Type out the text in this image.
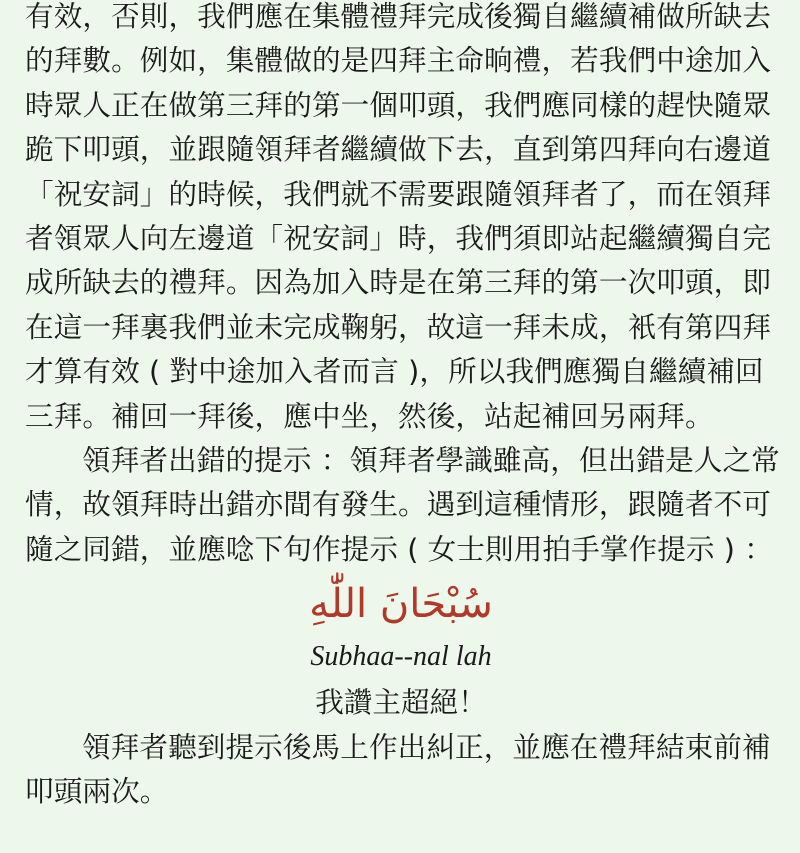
有效，否則，我們應在集體禮拜完成後獨自繼續補做所缺去
的拜數。例如，集體做的是四拜主命晌禮，若我們中途加入
時眾人正在做第三拜的第一個叩頭，我們應同樣的趕快隨眾
跪下叩頭，並跟隨領拜者繼續做下去，直到第四拜向右邊道
「祝安詞」的時候，我們就不需要跟隨領拜者了，而在領拜
者領眾人向左邊道「祝安詞」時，我們須即站起繼續獨自完
成所缺去的禮拜。因為加入時是在第三拜的第一次叩頭，即
在這一拜裏我們並未完成鞠躬，故這一拜未成，衹有第四拜
才算有效 ( 對中途加入者而言 )，所以我們應獨自繼續補回
三拜。補回一拜後，應中坐，然後，站起補回另兩拜。
領拜者出錯的提示 ：領拜者學識雖高，但出錯是人之常
情，故領拜時出錯亦間有發生。遇到這種情形，跟隨者不可
隨之同錯，並應唸下句作提示 ( 女士則用拍手掌作提示 ) ：
سُبْحَانَ اللّٰهِ
Subhaa--nal lah
我讚主超絕！
領拜者聽到提示後馬上作出糾正，並應在禮拜結束前補
叩頭兩次。
